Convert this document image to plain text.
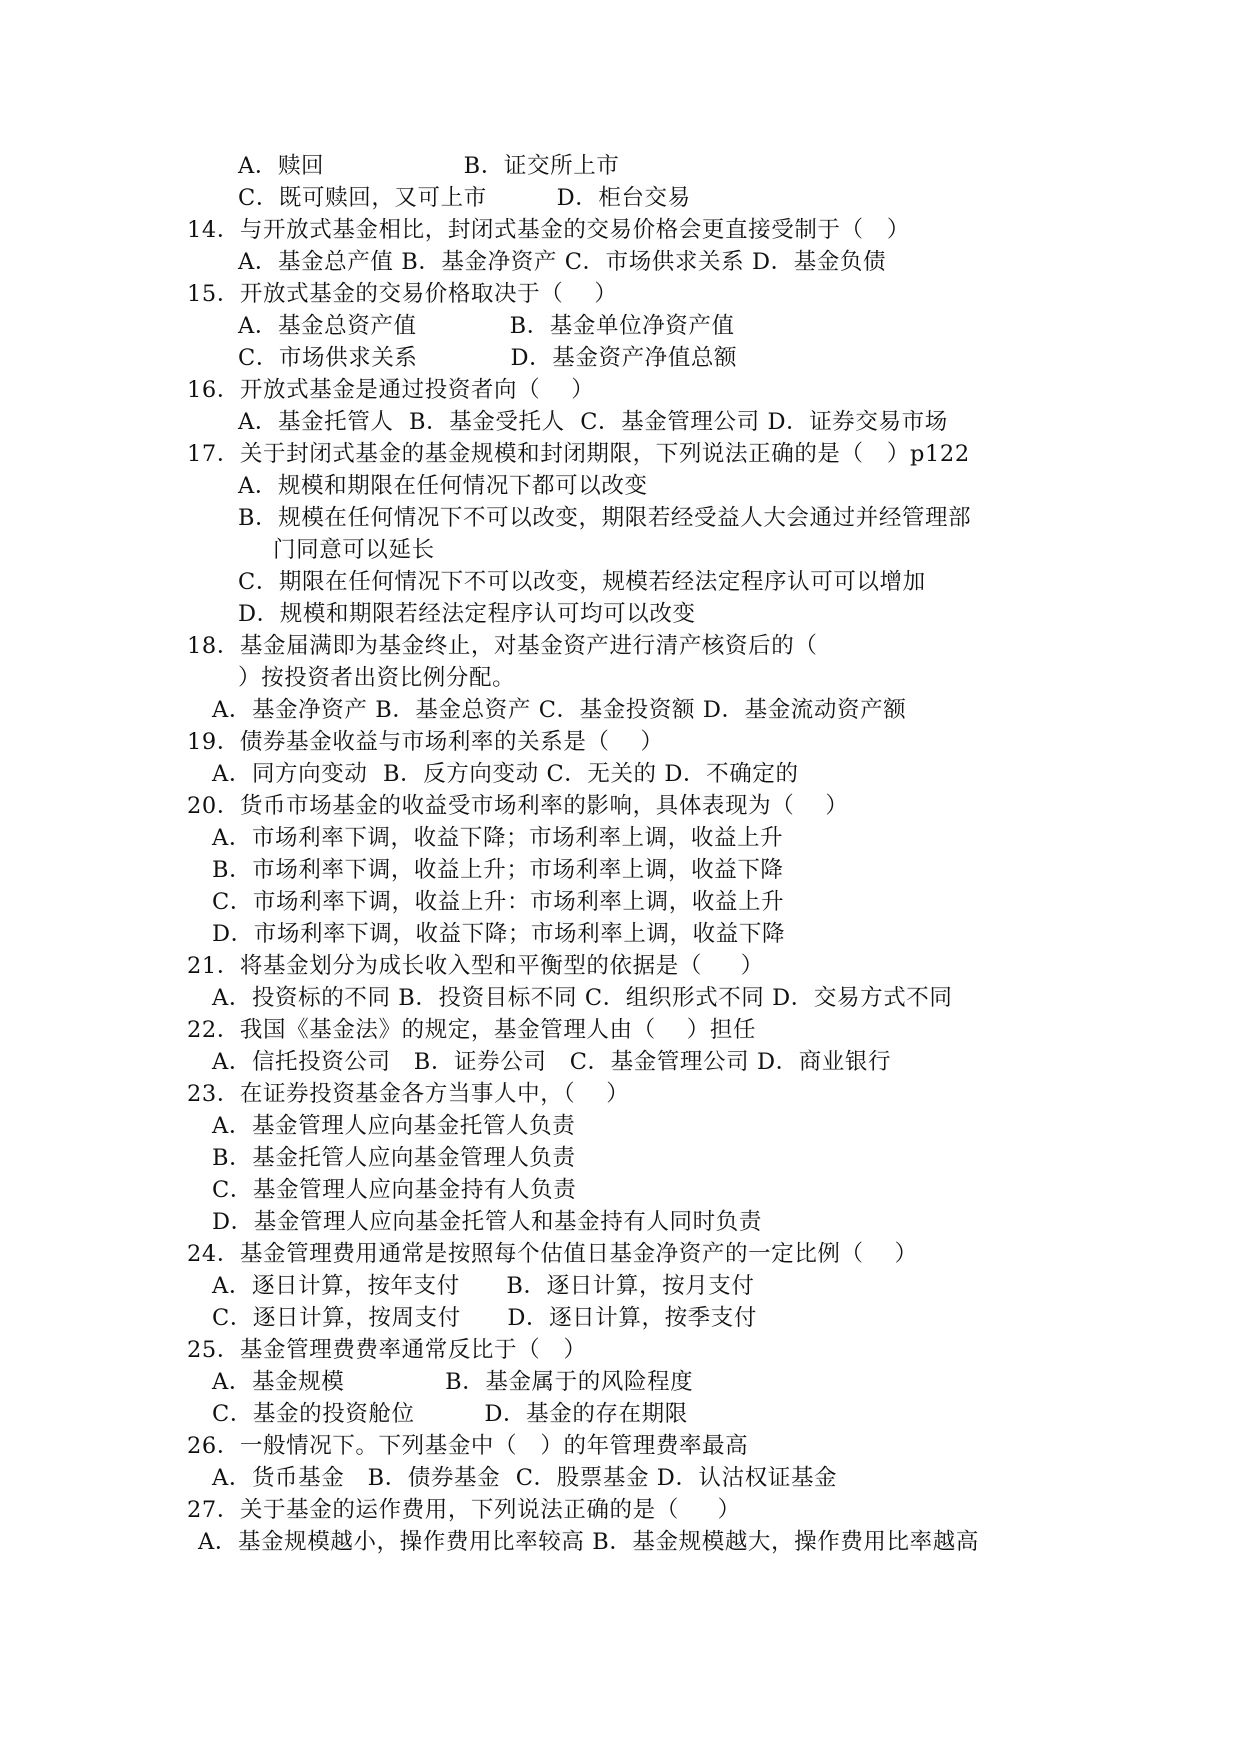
A．赎回                  B．证交所上市
C．既可赎回，又可上市         D．柜台交易
14．与开放式基金相比，封闭式基金的交易价格会更直接受制于（   ）
A．基金总产值 B．基金净资产 C．市场供求关系 D．基金负债
15．开放式基金的交易价格取决于（    ）
A．基金总资产值            B．基金单位净资产值
C．市场供求关系            D．基金资产净值总额
16．开放式基金是通过投资者向（    ）
A．基金托管人  B．基金受托人  C．基金管理公司 D．证券交易市场
17．关于封闭式基金的基金规模和封闭期限，下列说法正确的是（   ）p122
A．规模和期限在任何情况下都可以改变
B．规模在任何情况下不可以改变，期限若经受益人大会通过并经管理部
门同意可以延长
C．期限在任何情况下不可以改变，规模若经法定程序认可可以增加
D．规模和期限若经法定程序认可均可以改变
18．基金届满即为基金终止，对基金资产进行清产核资后的（
）按投资者出资比例分配。
A．基金净资产 B．基金总资产 C．基金投资额 D．基金流动资产额
19．债券基金收益与市场利率的关系是（    ）
A．同方向变动  B．反方向变动 C．无关的 D．不确定的
20．货币市场基金的收益受市场利率的影响，具体表现为（    ）
A．市场利率下调，收益下降；市场利率上调，收益上升
B．市场利率下调，收益上升；市场利率上调，收益下降
C．市场利率下调，收益上升：市场利率上调，收益上升
D．市场利率下调，收益下降；市场利率上调，收益下降
21．将基金划分为成长收入型和平衡型的依据是（     ）
A．投资标的不同 B．投资目标不同 C．组织形式不同 D．交易方式不同
22．我国《基金法》的规定，基金管理人由（    ）担任
A．信托投资公司   B．证券公司   C．基金管理公司 D．商业银行
23．在证券投资基金各方当事人中，（    ）
A．基金管理人应向基金托管人负责
B．基金托管人应向基金管理人负责
C．基金管理人应向基金持有人负责
D．基金管理人应向基金托管人和基金持有人同时负责
24．基金管理费用通常是按照每个估值日基金净资产的一定比例（    ）
A．逐日计算，按年支付      B．逐日计算，按月支付
C．逐日计算，按周支付      D．逐日计算，按季支付
25．基金管理费费率通常反比于（   ）
A．基金规模             B．基金属于的风险程度
C．基金的投资舱位         D．基金的存在期限
26．一般情况下。下列基金中（   ）的年管理费率最高
A．货币基金   B．债券基金  C．股票基金 D．认沽权证基金
27．关于基金的运作费用，下列说法正确的是（     ）
A．基金规模越小，操作费用比率较高 B．基金规模越大，操作费用比率越高
